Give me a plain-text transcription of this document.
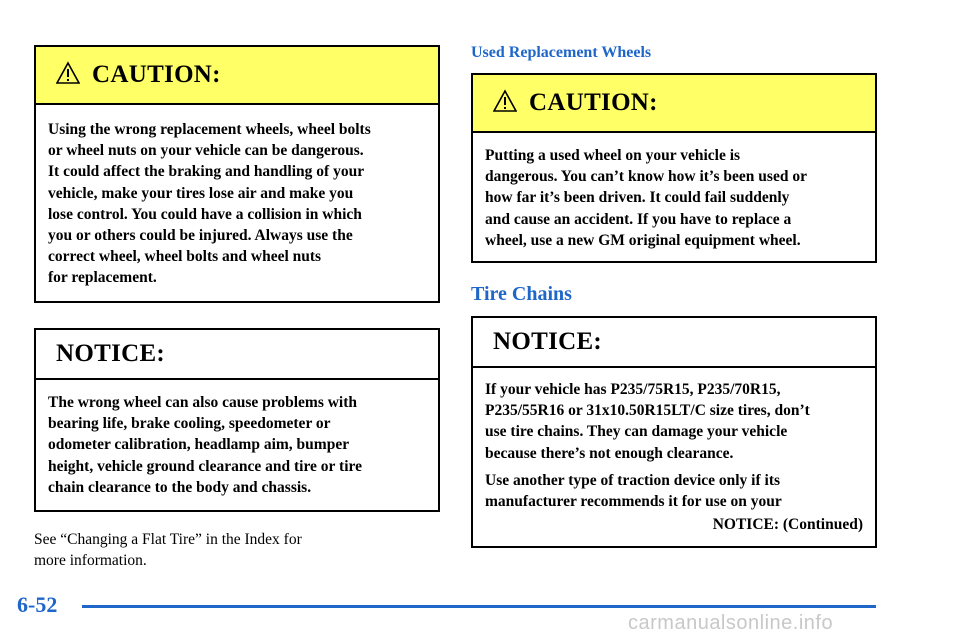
CAUTION:

Using the wrong replacement wheels, wheel bolts

or wheel nuts on your vehicle can be dangerous.

It could affect the braking and handling of your

vehicle, make your tires lose air and make you

lose control. You could have a collision in which

you or others could be injured. Always use the

correct wheel, wheel bolts and wheel nuts

for replacement.

NOTICE:

The wrong wheel can also cause problems with

bearing life, brake cooling, speedometer or

odometer calibration, headlamp aim, bumper

height, vehicle ground clearance and tire or tire

chain clearance to the body and chassis.

See “Changing a Flat Tire” in the Index for
more information.
Used Replacement Wheels
CAUTION:

Putting a used wheel on your vehicle is

dangerous. You can’t know how it’s been used or

how far it’s been driven. It could fail suddenly

and cause an accident. If you have to replace a

wheel, use a new GM original equipment wheel.

Tire Chains
NOTICE:

If your vehicle has P235/75R15, P235/70R15,

P235/55R16 or 31x10.50R15LT/C size tires, don’t

use tire chains. They can damage your vehicle

because there’s not enough clearance.

Use another type of traction device only if its

manufacturer recommends it for use on your

NOTICE: (Continued)

6-52
carmanualsonline.info
